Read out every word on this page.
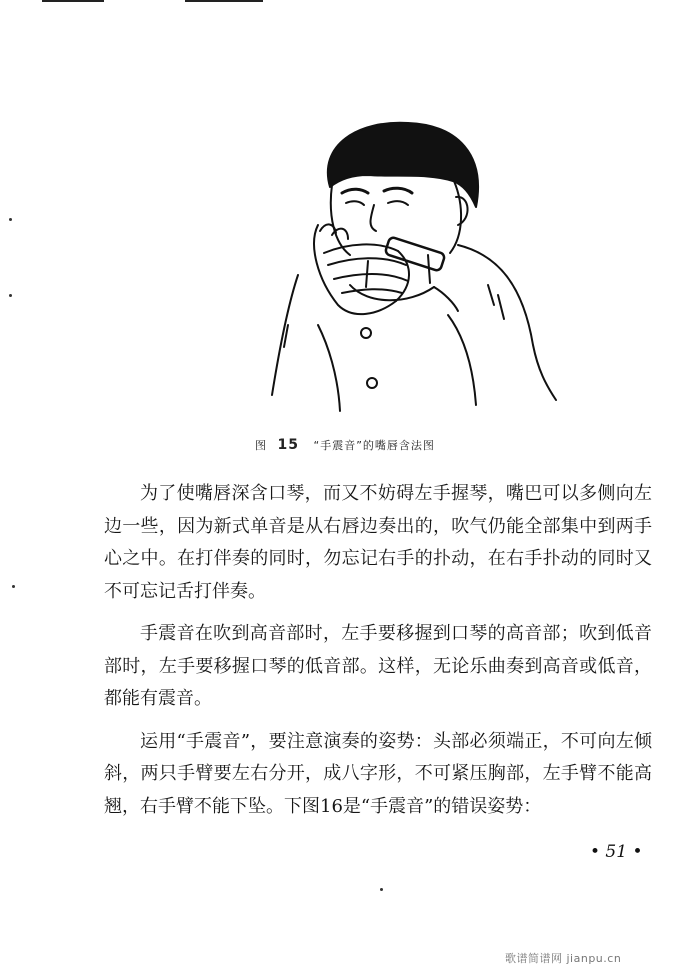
图 15 “手震音”的嘴唇含法图

为了使嘴唇深含口琴，而又不妨碍左手握琴，嘴巴可以多侧向左边一些，因为新式单音是从右唇边奏出的，吹气仍能全部集中到两手心之中。在打伴奏的同时，勿忘记右手的扑动，在右手扑动的同时又不可忘记舌打伴奏。

手震音在吹到高音部时，左手要移握到口琴的高音部；吹到低音部时，左手要移握口琴的低音部。这样，无论乐曲奏到高音或低音，都能有震音。

运用“手震音”，要注意演奏的姿势：头部必须端正，不可向左倾斜，两只手臂要左右分开，成八字形，不可紧压胸部，左手臂不能高翘，右手臂不能下坠。下图16是“手震音”的错误姿势：

• 51 •
歌谱简谱网 jianpu.cn
